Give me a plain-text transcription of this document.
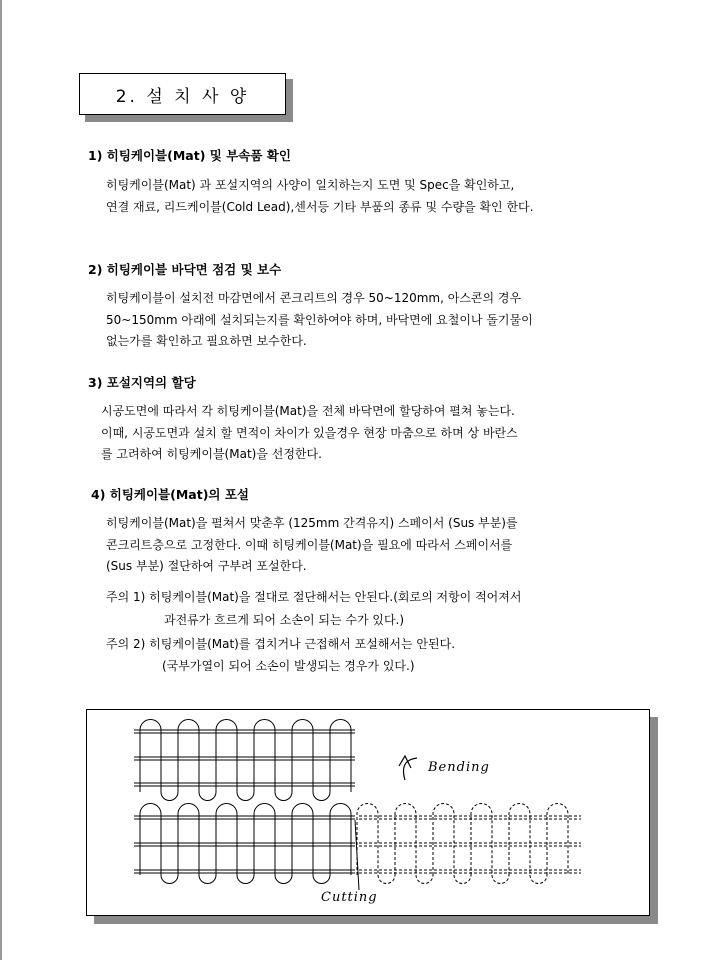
2. 설 치 사 양
1) 히팅케이블(Mat) 및 부속품 확인
히팅케이블(Mat) 과 포설지역의 사양이 일치하는지 도면 및 Spec을 확인하고,
연결 재료, 리드케이블(Cold Lead),센서등 기타 부품의 종류 및 수량을 확인 한다.
2) 히팅케이블 바닥면 점검 및 보수
히팅케이블이 설치전 마감면에서 콘크리트의 경우 50~120mm, 아스콘의 경우
50~150mm 아래에 설치되는지를 확인하여야 하며, 바닥면에 요철이나 돌기물이
없는가를 확인하고 필요하면 보수한다.
3) 포설지역의 할당
시공도면에 따라서 각 히팅케이블(Mat)을 전체 바닥면에 할당하여 펼쳐 놓는다.
이때, 시공도면과 설치 할 면적이 차이가 있을경우 현장 마춤으로 하며 상 바란스
를 고려하여 히팅케이블(Mat)을 선정한다.
4) 히팅케이블(Mat)의 포설
히팅케이블(Mat)을 펼쳐서 맞춘후 (125mm 간격유지) 스페이서 (Sus 부분)를
콘크리트층으로 고정한다. 이때 히팅케이블(Mat)을 필요에 따라서 스페이서를
(Sus 부분) 절단하여 구부려 포설한다.
주의 1) 히팅케이블(Mat)을 절대로 절단해서는 안된다.(회로의 저항이 적어져서
과전류가 흐르게 되어 소손이 되는 수가 있다.)
주의 2) 히팅케이블(Mat)를 겹치거나 근접해서 포설해서는 안된다.
(국부가열이 되어 소손이 발생되는 경우가 있다.)
Bending
Cutting
